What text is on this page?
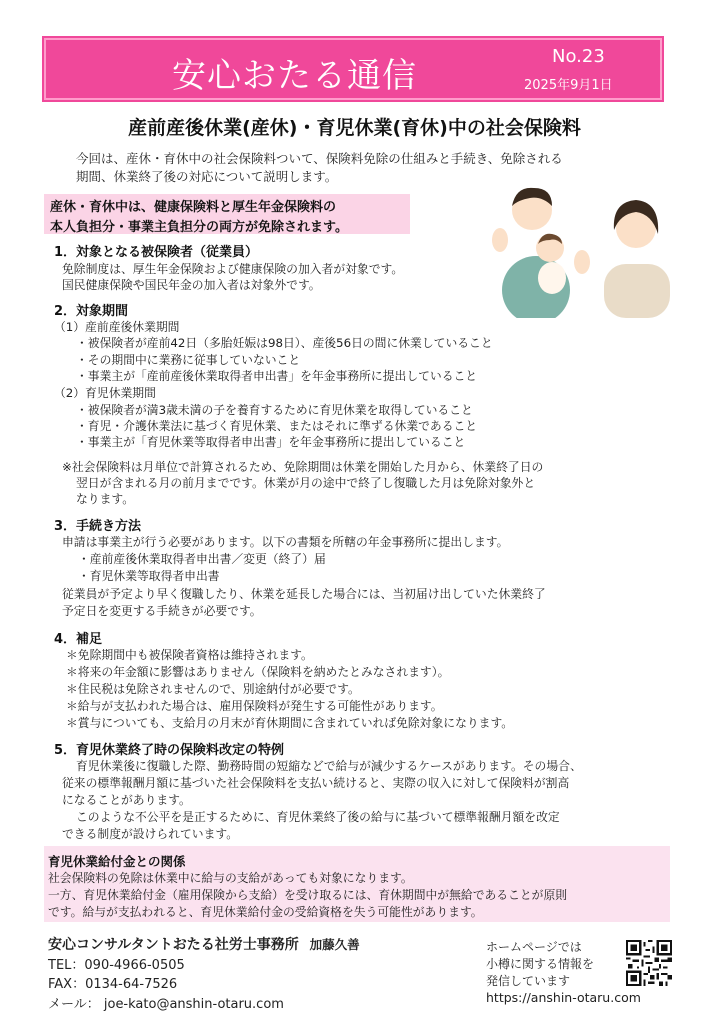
安心おたる通信	No.23
2025年9月1日
産前産後休業(産休)・育児休業(育休)中の社会保険料
今回は、産休・育休中の社会保険料ついて、保険料免除の仕組みと手続き、免除される
期間、休業終了後の対応について説明します。
産休・育休中は、健康保険料と厚生年金保険料の
本人負担分・事業主負担分の両方が免除されます。
1．対象となる被保険者（従業員）
免除制度は、厚生年金保険および健康保険の加入者が対象です。
国民健康保険や国民年金の加入者は対象外です。
2．対象期間
（1）産前産後休業期間
・被保険者が産前42日（多胎妊娠は98日）、産後56日の間に休業していること
・その期間中に業務に従事していないこと
・事業主が「産前産後休業取得者申出書」を年金事務所に提出していること
（2）育児休業期間
・被保険者が満3歳未満の子を養育するために育児休業を取得していること
・育児・介護休業法に基づく育児休業、またはそれに準ずる休業であること
・事業主が「育児休業等取得者申出書」を年金事務所に提出していること
※社会保険料は月単位で計算されるため、免除期間は休業を開始した月から、休業終了日の
翌日が含まれる月の前月までです。休業が月の途中で終了し復職した月は免除対象外と
なります。
3．手続き方法
申請は事業主が行う必要があります。以下の書類を所轄の年金事務所に提出します。
・産前産後休業取得者申出書／変更（終了）届
・育児休業等取得者申出書
従業員が予定より早く復職したり、休業を延長した場合には、当初届け出していた休業終了
予定日を変更する手続きが必要です。
4．補足
＊免除期間中も被保険者資格は維持されます。
＊将来の年金額に影響はありません（保険料を納めたとみなされます）。
＊住民税は免除されませんので、別途納付が必要です。
＊給与が支払われた場合は、雇用保険料が発生する可能性があります。
＊賞与についても、支給月の月末が育休期間に含まれていれば免除対象になります。
5．育児休業終了時の保険料改定の特例
育児休業後に復職した際、勤務時間の短縮などで給与が減少するケースがあります。その場合、
従来の標準報酬月額に基づいた社会保険料を支払い続けると、実際の収入に対して保険料が割高
になることがあります。
このような不公平を是正するために、育児休業終了後の給与に基づいて標準報酬月額を改定
できる制度が設けられています。
育児休業給付金との関係
社会保険料の免除は休業中に給与の支給があっても対象になります。
一方、育児休業給付金（雇用保険から支給）を受け取るには、育休期間中が無給であることが原則
です。給与が支払われると、育児休業給付金の受給資格を失う可能性があります。
安心コンサルタントおたる社労士事務所 加藤久善
TEL：090-4966-0505
FAX：0134-64-7526
メール： joe-kato@anshin-otaru.com
ホームページでは
小樽に関する情報を
発信しています
https://anshin-otaru.com
